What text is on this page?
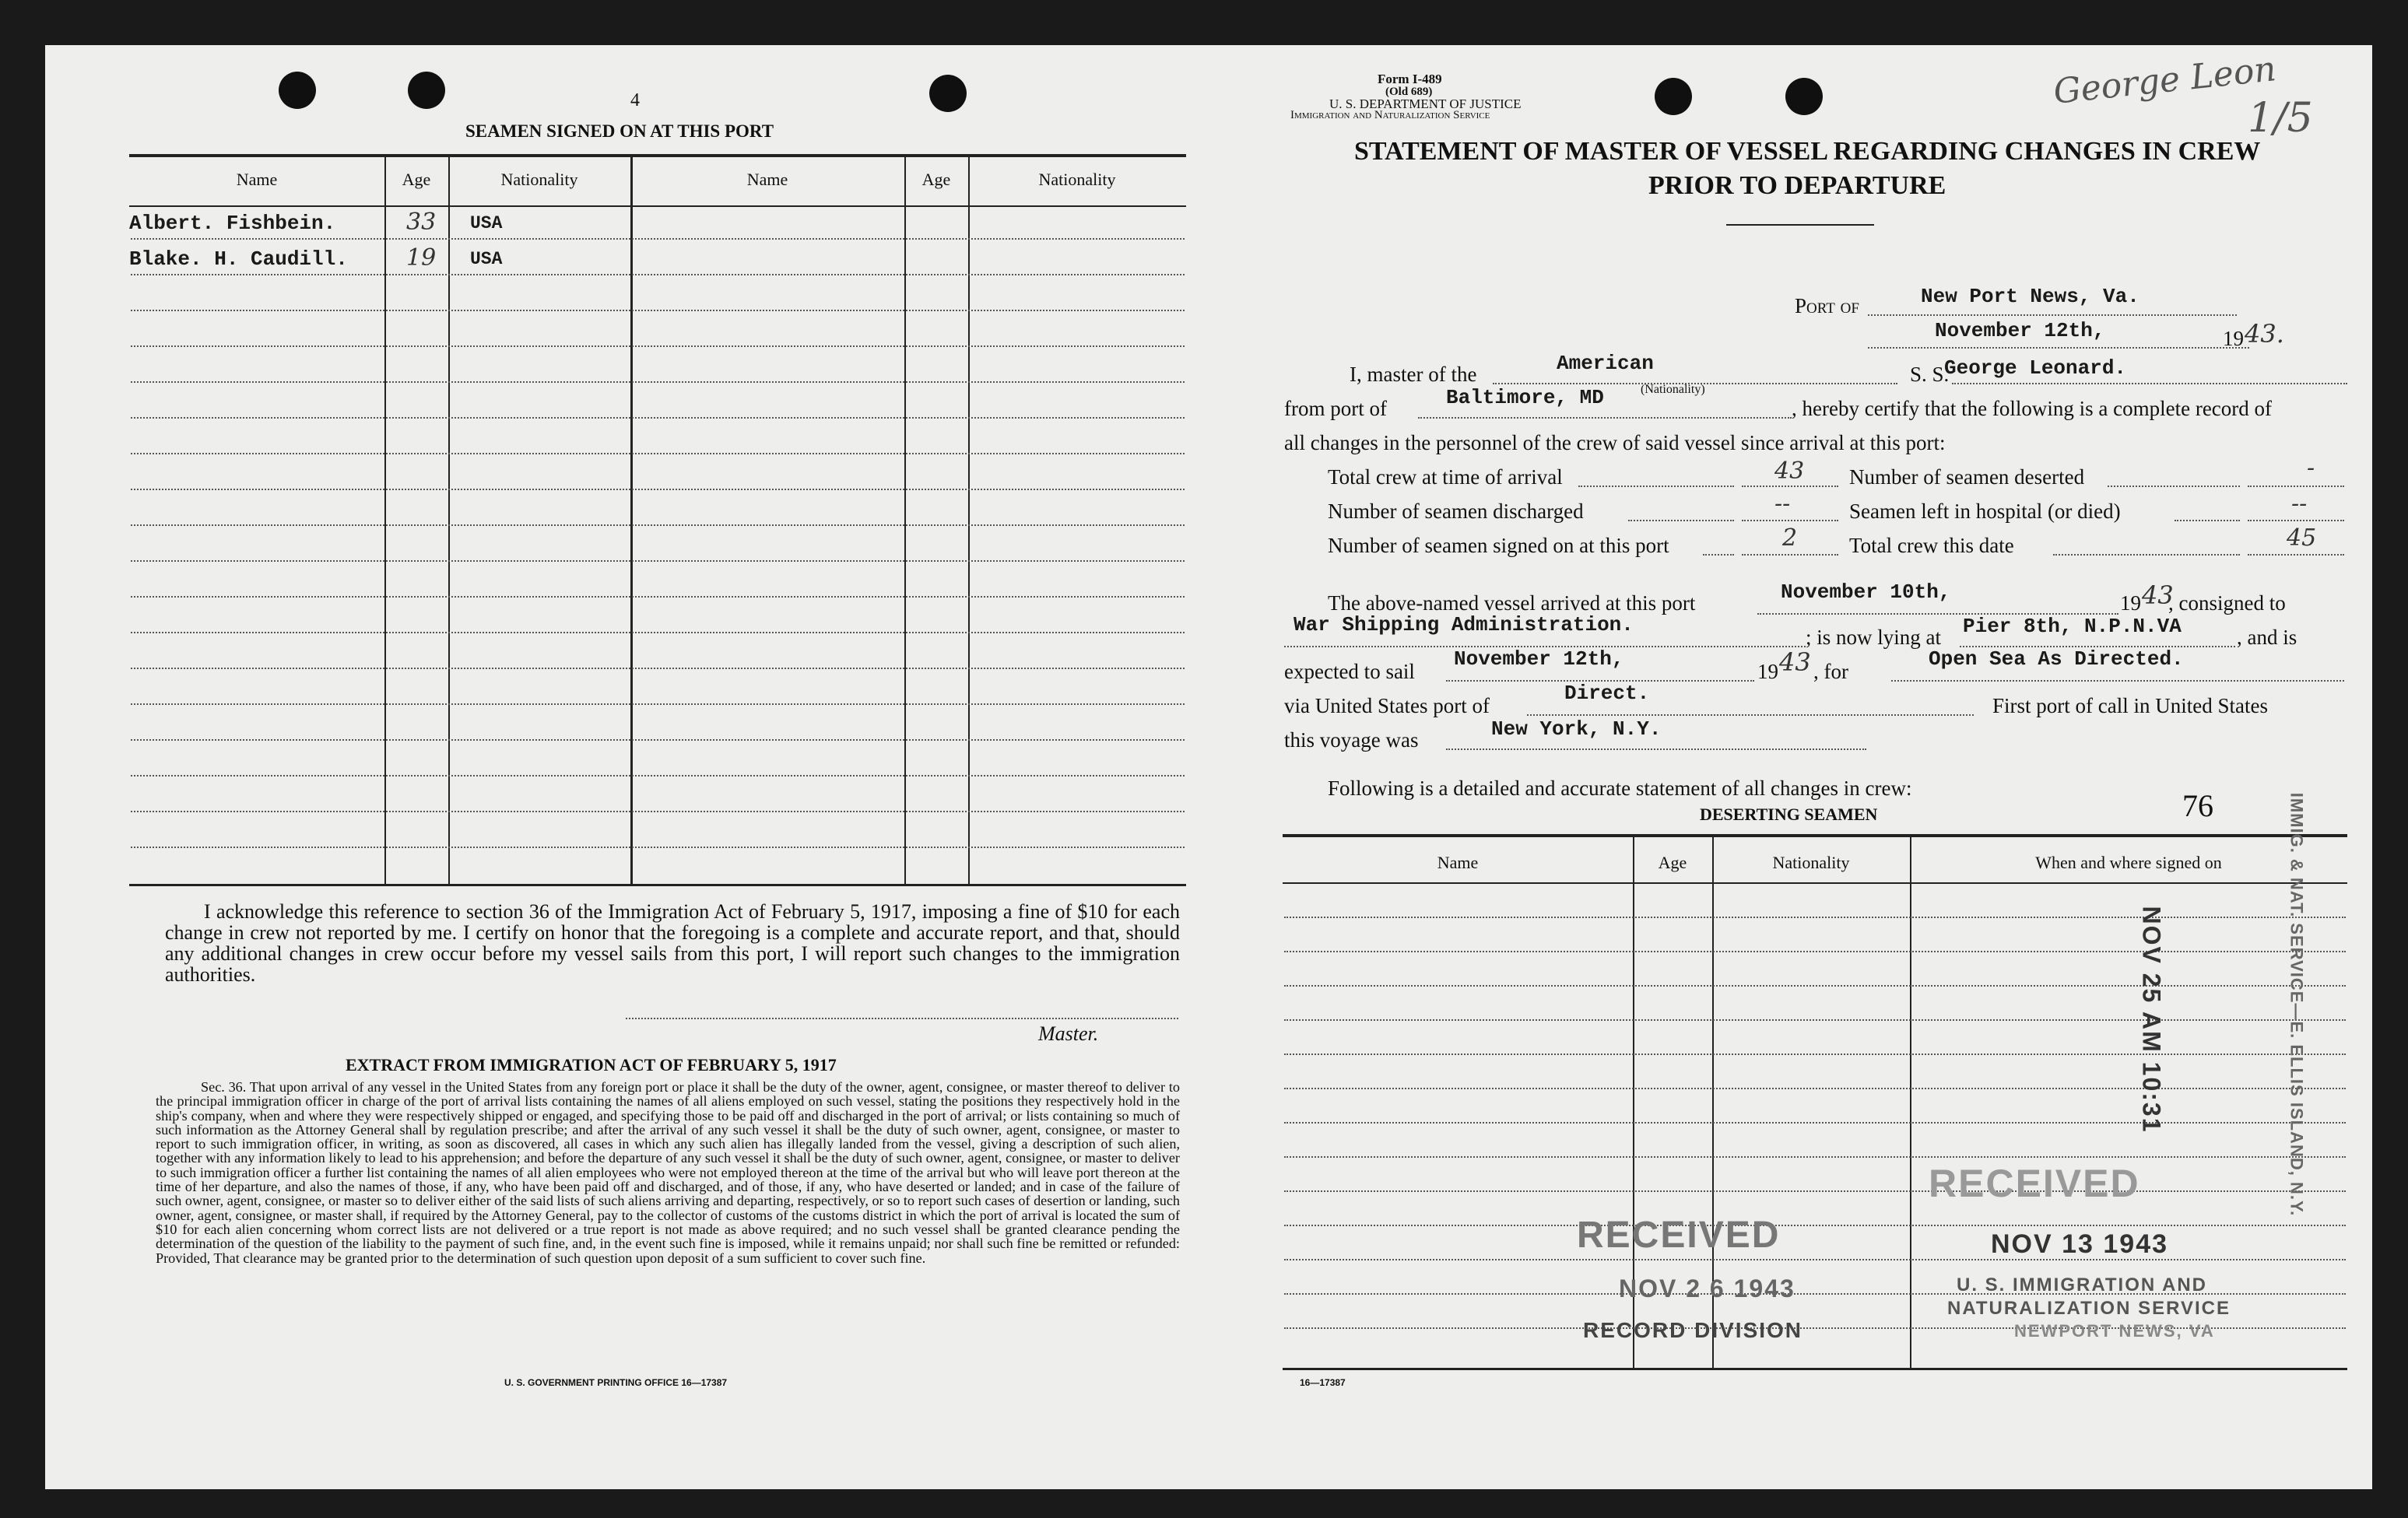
4
SEAMEN SIGNED ON AT THIS PORT
Name	Age	Nationality	Name	Age	Nationality
Albert. Fishbein.	33 USA
Blake. H. Caudill.	19 USA
I acknowledge this reference to section 36 of the Immigration Act of February 5, 1917, imposing a fine of $10 for each change in crew not reported by me. I certify on honor that the foregoing is a complete and accurate report, and that, should any additional changes in crew occur before my vessel sails from this port, I will report such changes to the immigration authorities.
Master.
EXTRACT FROM IMMIGRATION ACT OF FEBRUARY 5, 1917
Sec. 36. That upon arrival of any vessel in the United States from any foreign port or place it shall be the duty of the owner, agent, consignee, or master thereof to deliver to the principal immigration officer in charge of the port of arrival lists containing the names of all aliens employed on such vessel, stating the positions they respectively hold in the ship's company, when and where they were respectively shipped or engaged, and specifying those to be paid off and discharged in the port of arrival; or lists containing so much of such information as the Attorney General shall by regulation prescribe; and after the arrival of any such vessel it shall be the duty of such owner, agent, consignee, or master to report to such immigration officer, in writing, as soon as discovered, all cases in which any such alien has illegally landed from the vessel, giving a description of such alien, together with any information likely to lead to his apprehension; and before the departure of any such vessel it shall be the duty of such owner, agent, consignee, or master to deliver to such immigration officer a further list containing the names of all alien employees who were not employed thereon at the time of the arrival but who will leave port thereon at the time of her departure, and also the names of those, if any, who have been paid off and discharged, and of those, if any, who have deserted or landed; and in case of the failure of such owner, agent, consignee, or master so to deliver either of the said lists of such aliens arriving and departing, respectively, or so to report such cases of desertion or landing, such owner, agent, consignee, or master shall, if required by the Attorney General, pay to the collector of customs of the customs district in which the port of arrival is located the sum of $10 for each alien concerning whom correct lists are not delivered or a true report is not made as above required; and no such vessel shall be granted clearance pending the determination of the question of the liability to the payment of such fine, and, in the event such fine is imposed, while it remains unpaid; nor shall such fine be remitted or refunded: Provided, That clearance may be granted prior to the determination of such question upon deposit of a sum sufficient to cover such fine.
U. S. GOVERNMENT PRINTING OFFICE 16—17387
Form I-489
(Old 689)
U. S. DEPARTMENT OF JUSTICE
Immigration and Naturalization Service
George Leon
1/5
STATEMENT OF MASTER OF VESSEL REGARDING CHANGES IN CREW
PRIOR TO DEPARTURE
Port of	New Port News, Va.
November 12th,	19 43.
I, master of the	American	S. S.
George Leonard.
from port of	Baltimore, MD	(Nationality)
, hereby certify that the following is a complete record of
all changes in the personnel of the crew of said vessel since arrival at this port:
Total crew at time of arrival	43 Number of seamen deserted	-
Number of seamen discharged	--	Seamen left in hospital (or died)	--
Number of seamen signed on at this port	2 Total crew this date	45
The above-named vessel arrived at this port	November 10th,	19 43
, consigned to
War Shipping Administration.
; is now lying at Pier 8th, N.P.N.VA	, and is
expected to sail
November 12th,
19 43 , for
Open Sea As Directed.
via United States port of
Direct.
First port of call in United States
this voyage was	New York, N.Y.
Following is a detailed and accurate statement of all changes in crew:
DESERTING SEAMEN	76
Name	Age	Nationality	When and where signed on
RECEIVED
NOV 2 6 1943
RECORD DIVISION
RECEIVED
NOV 13 1943
U. S. IMMIGRATION AND
NATURALIZATION SERVICE
NEWPORT NEWS, VA
NOV 25 AM 10:31	IMMIG. & NAT. SERVICE—E. ELLIS ISLAND, N.Y.
16—17387
